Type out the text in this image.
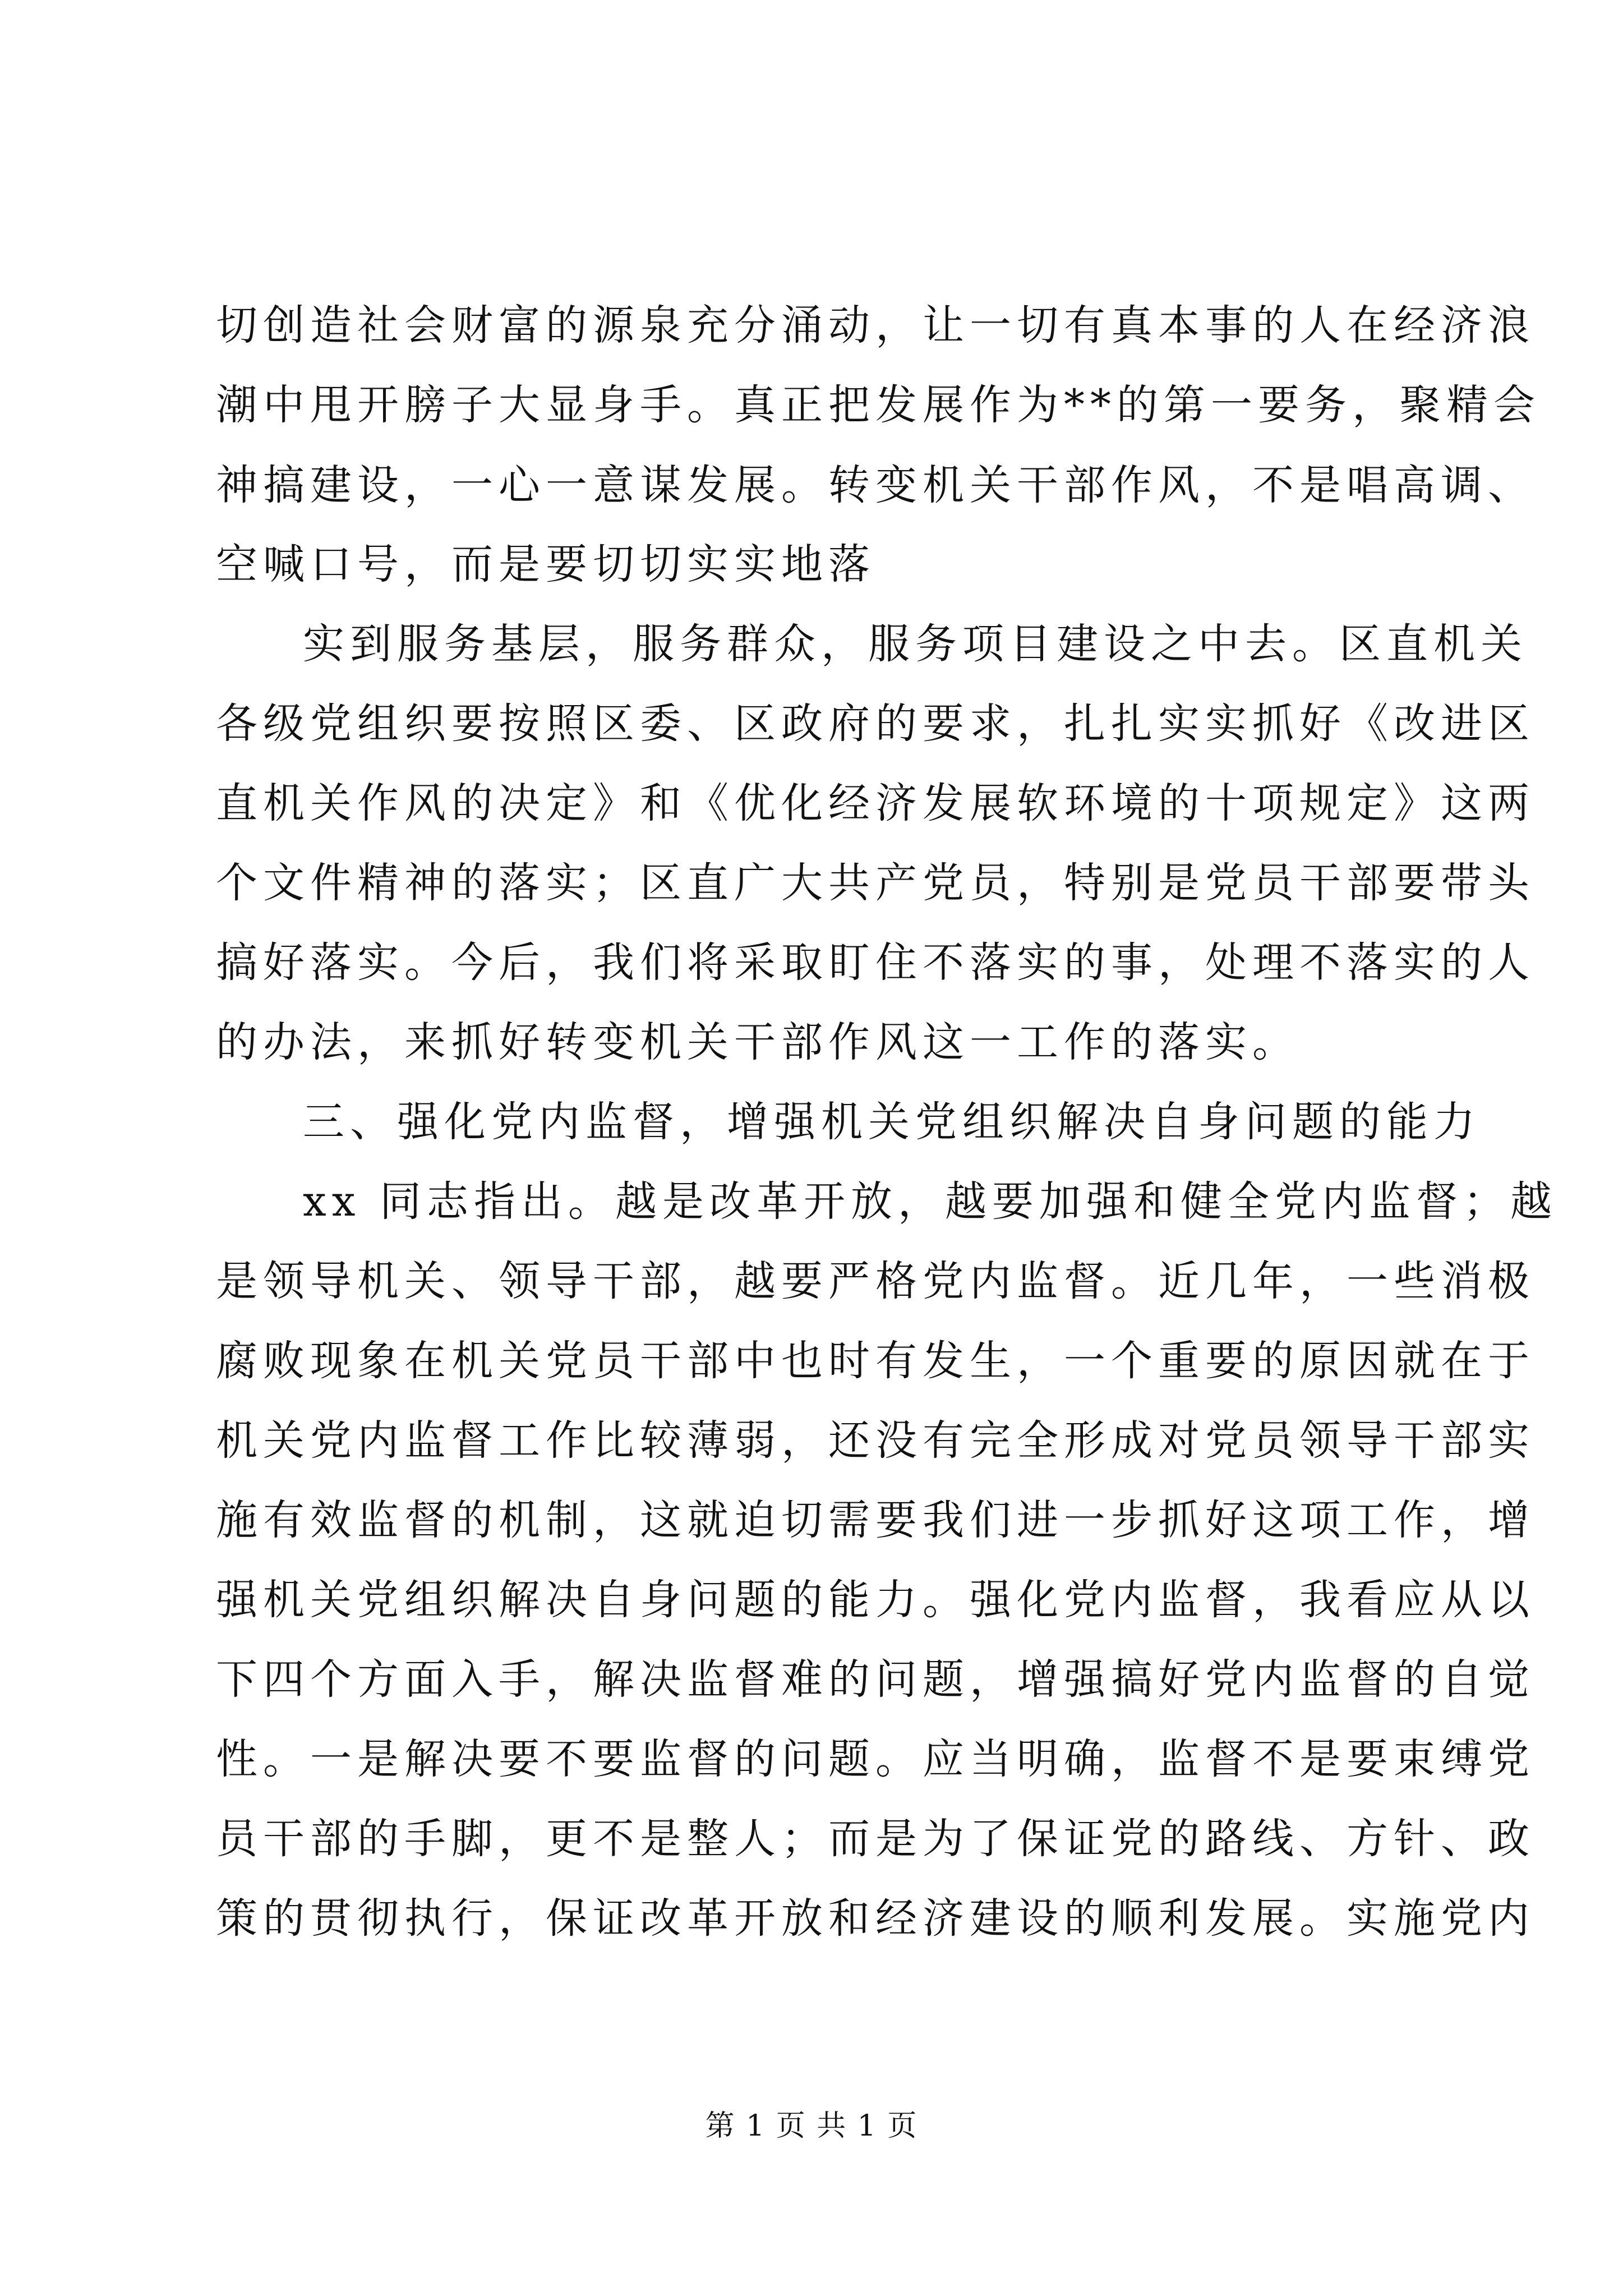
切创造社会财富的源泉充分涌动，让一切有真本事的人在经济浪
潮中甩开膀子大显身手。真正把发展作为**的第一要务，聚精会
神搞建设，一心一意谋发展。转变机关干部作风，不是唱高调、
空喊口号，而是要切切实实地落
实到服务基层，服务群众，服务项目建设之中去。区直机关
各级党组织要按照区委、区政府的要求，扎扎实实抓好《改进区
直机关作风的决定》和《优化经济发展软环境的十项规定》这两
个文件精神的落实；区直广大共产党员，特别是党员干部要带头
搞好落实。今后，我们将采取盯住不落实的事，处理不落实的人
的办法，来抓好转变机关干部作风这一工作的落实。
三、强化党内监督，增强机关党组织解决自身问题的能力
xx 同志指出。越是改革开放，越要加强和健全党内监督；越
是领导机关、领导干部，越要严格党内监督。近几年，一些消极
腐败现象在机关党员干部中也时有发生，一个重要的原因就在于
机关党内监督工作比较薄弱，还没有完全形成对党员领导干部实
施有效监督的机制，这就迫切需要我们进一步抓好这项工作，增
强机关党组织解决自身问题的能力。强化党内监督，我看应从以
下四个方面入手，解决监督难的问题，增强搞好党内监督的自觉
性。一是解决要不要监督的问题。应当明确，监督不是要束缚党
员干部的手脚，更不是整人；而是为了保证党的路线、方针、政
策的贯彻执行，保证改革开放和经济建设的顺利发展。实施党内
第 1 页 共 1 页
